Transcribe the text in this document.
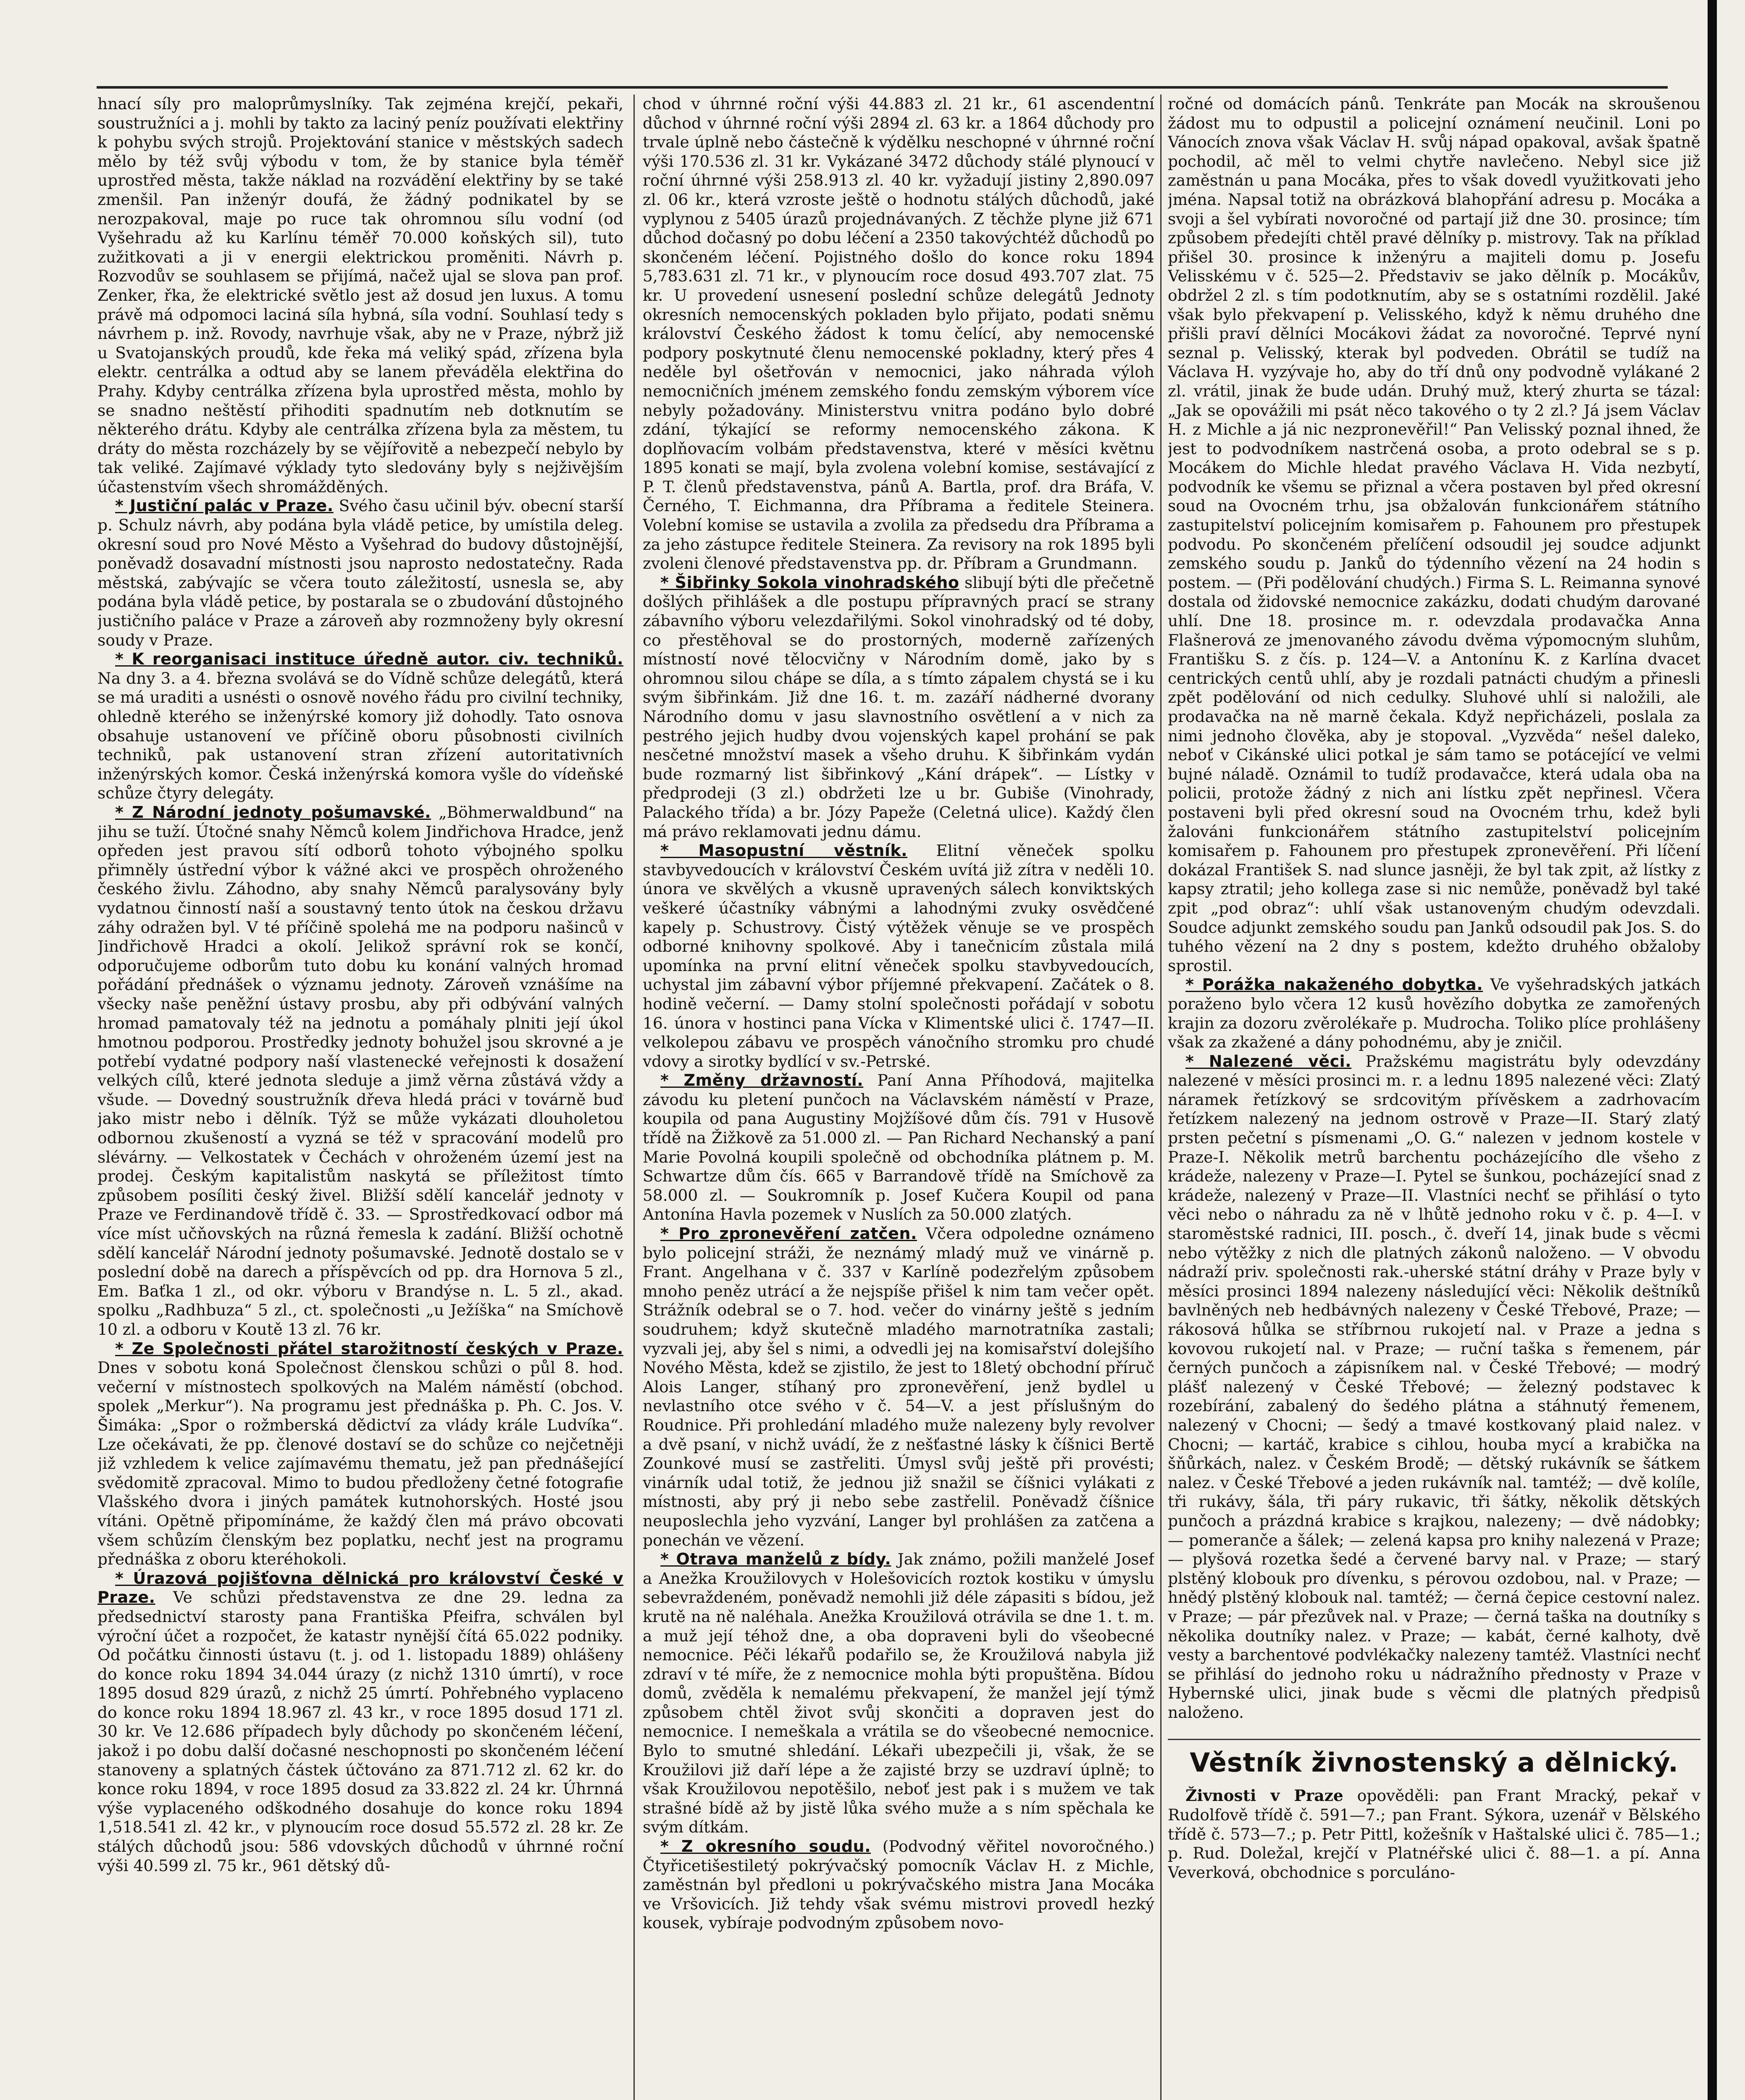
hnací síly pro maloprůmyslníky. Tak zejména krejčí, pekaři, soustružníci a j. mohli by takto za laciný peníz používati elektřiny k pohybu svých strojů. Projektování stanice v městských sadech mělo by též svůj výbodu v tom, že by stanice byla téměř uprostřed města, takže náklad na rozvádění elektřiny by se také zmenšil. Pan inženýr doufá, že žádný podnikatel by se nerozpakoval, maje po ruce tak ohromnou sílu vodní (od Vyšehradu až ku Karlínu téměř 70.000 koňských sil), tuto zužitkovati a ji v energii elektrickou proměniti. Návrh p. Rozvodův se souhlasem se přijímá, načež ujal se slova pan prof. Zenker, řka, že elektrické světlo jest až dosud jen luxus. A tomu právě má odpomoci laciná síla hybná, síla vodní. Souhlasí tedy s návrhem p. inž. Rovody, navrhuje však, aby ne v Praze, nýbrž již u Svatojanských proudů, kde řeka má veliký spád, zřízena byla elektr. centrálka a odtud aby se lanem převáděla elektřina do Prahy. Kdyby centrálka zřízena byla uprostřed města, mohlo by se snadno neštěstí přihoditi spadnutím neb dotknutím se některého drátu. Kdyby ale centrálka zřízena byla za městem, tu dráty do města rozcházely by se vějířovitě a nebezpečí nebylo by tak veliké. Zajímavé výklady tyto sledovány byly s nejživějším účastenstvím všech shromážděných.

* Justiční palác v Praze. Svého času učinil býv. obecní starší p. Schulz návrh, aby podána byla vládě petice, by umístila deleg. okresní soud pro Nové Město a Vyšehrad do budovy důstojnější, poněvadž dosavadní místnosti jsou naprosto nedostatečny. Rada městská, zabývajíc se včera touto záležitostí, usnesla se, aby podána byla vládě petice, by postarala se o zbudování důstojného justičního paláce v Praze a zároveň aby rozmnoženy byly okresní soudy v Praze.

* K reorganisaci instituce úředně autor. civ. techniků. Na dny 3. a 4. března svolává se do Vídně schůze delegátů, která se má uraditi a usnésti o osnově nového řádu pro civilní techniky, ohledně kterého se inženýrské komory již dohodly. Tato osnova obsahuje ustanovení ve příčině oboru působnosti civilních techniků, pak ustanovení stran zřízení autoritativních inženýrských komor. Česká inženýrská komora vyšle do vídeňské schůze čtyry delegáty.

* Z Národní jednoty pošumavské. „Böhmerwaldbund“ na jihu se tuží. Útočné snahy Němců kolem Jindřichova Hradce, jenž opředen jest pravou sítí odborů tohoto výbojného spolku přimněly ústřední výbor k vážné akci ve prospěch ohroženého českého živlu. Záhodno, aby snahy Němců paralysovány byly vydatnou činností naší a soustavný tento útok na českou državu záhy odražen byl. V té příčině spolehá me na podporu našinců v Jindřichově Hradci a okolí. Jelikož správní rok se končí, odporučujeme odborům tuto dobu ku konání valných hromad pořádání přednášek o významu jednoty. Zároveň vznášíme na všecky naše peněžní ústavy prosbu, aby při odbývání valných hromad pamatovaly též na jednotu a pomáhaly plniti její úkol hmotnou podporou. Prostředky jednoty bohužel jsou skrovné a je potřebí vydatné podpory naší vlastenecké veřejnosti k dosažení velkých cílů, které jednota sleduje a jimž věrna zůstává vždy a všude. — Dovedný soustružník dřeva hledá práci v továrně buď jako mistr nebo i dělník. Týž se může vykázati dlouholetou odbornou zkušeností a vyzná se též v spracování modelů pro slévárny. — Velkostatek v Čechách v ohroženém území jest na prodej. Českým kapitalistům naskytá se příležitost tímto způsobem posíliti český živel. Bližší sdělí kancelář jednoty v Praze ve Ferdinandově třídě č. 33. — Sprostředkovací odbor má více míst učňovských na různá řemesla k zadání. Bližší ochotně sdělí kancelář Národní jednoty pošumavské. Jednotě dostalo se v poslední době na darech a příspěvcích od pp. dra Hornova 5 zl., Em. Baťka 1 zl., od okr. výboru v Brandýse n. L. 5 zl., akad. spolku „Radhbuza“ 5 zl., ct. společnosti „u Ježíška“ na Smíchově 10 zl. a odboru v Koutě 13 zl. 76 kr.

* Ze Společnosti přátel starožitností českých v Praze. Dnes v sobotu koná Společnost členskou schůzi o půl 8. hod. večerní v místnostech spolkových na Malém náměstí (obchod. spolek „Merkur“). Na programu jest přednáška p. Ph. C. Jos. V. Šimáka: „Spor o rožmberská dědictví za vlády krále Ludvíka“. Lze očekávati, že pp. členové dostaví se do schůze co nejčetněji již vzhledem k velice zajímavému thematu, jež pan přednášející svědomitě zpracoval. Mimo to budou předloženy četné fotografie Vlašského dvora i jiných památek kutnohorských. Hosté jsou vítáni. Opětně připomínáme, že každý člen má právo obcovati všem schůzím členským bez poplatku, nechť jest na programu přednáška z oboru kteréhokoli.

* Úrazová pojišťovna dělnická pro království České v Praze. Ve schůzi představenstva ze dne 29. ledna za předsednictví starosty pana Františka Pfeifra, schválen byl výroční účet a rozpočet, že katastr nynější čítá 65.022 podniky. Od počátku činnosti ústavu (t. j. od 1. listopadu 1889) ohlášeny do konce roku 1894 34.044 úrazy (z nichž 1310 úmrtí), v roce 1895 dosud 829 úrazů, z nichž 25 úmrtí. Pohřebného vyplaceno do konce roku 1894 18.967 zl. 43 kr., v roce 1895 dosud 171 zl. 30 kr. Ve 12.686 případech byly důchody po skončeném léčení, jakož i po dobu další dočasné neschopnosti po skončeném léčení stanoveny a splatných částek účtováno za 871.712 zl. 62 kr. do konce roku 1894, v roce 1895 dosud za 33.822 zl. 24 kr. Úhrnná výše vyplaceného odškodného dosahuje do konce roku 1894 1,518.541 zl. 42 kr., v plynoucím roce dosud 55.572 zl. 28 kr. Ze stálých důchodů jsou: 586 vdovských důchodů v úhrnné roční výši 40.599 zl. 75 kr., 961 dětský dů-

chod v úhrnné roční výši 44.883 zl. 21 kr., 61 ascendentní důchod v úhrnné roční výši 2894 zl. 63 kr. a 1864 důchody pro trvale úplně nebo částečně k výdělku neschopné v úhrnné roční výši 170.536 zl. 31 kr. Vykázané 3472 důchody stálé plynoucí v roční úhrnné výši 258.913 zl. 40 kr. vyžadují jistiny 2,890.097 zl. 06 kr., která vzroste ještě o hodnotu stálých důchodů, jaké vyplynou z 5405 úrazů projednávaných. Z těchže plyne již 671 důchod dočasný po dobu léčení a 2350 takovýchtéž důchodů po skončeném léčení. Pojistného došlo do konce roku 1894 5,783.631 zl. 71 kr., v plynoucím roce dosud 493.707 zlat. 75 kr. U provedení usnesení poslední schůze delegátů Jednoty okresních nemocenských pokladen bylo přijato, podati sněmu království Českého žádost k tomu čelící, aby nemocenské podpory poskytnuté členu nemocenské pokladny, který přes 4 neděle byl ošetřován v nemocnici, jako náhrada výloh nemocničních jménem zemského fondu zemským výborem více nebyly požadovány. Ministerstvu vnitra podáno bylo dobré zdání, týkající se reformy nemocenského zákona. K doplňovacím volbám představenstva, které v měsíci květnu 1895 konati se mají, byla zvolena volební komise, sestávající z P. T. členů představenstva, pánů A. Bartla, prof. dra Bráfa, V. Černého, T. Eichmanna, dra Příbrama a ředitele Steinera. Volební komise se ustavila a zvolila za předsedu dra Příbrama a za jeho zástupce ředitele Steinera. Za revisory na rok 1895 byli zvoleni členové představenstva pp. dr. Příbram a Grundmann.

* Šibřinky Sokola vinohradského slibují býti dle přečetně došlých přihlášek a dle postupu přípravných prací se strany zábavního výboru velezdařilými. Sokol vinohradský od té doby, co přestěhoval se do prostorných, moderně zařízených místností nové tělocvičny v Národním domě, jako by s ohromnou silou chápe se díla, a s tímto zápalem chystá se i ku svým šibřinkám. Již dne 16. t. m. zazáří nádherné dvorany Národního domu v jasu slavnostního osvětlení a v nich za pestrého jejich hudby dvou vojenských kapel prohání se pak nesčetné množství masek a všeho druhu. K šibřinkám vydán bude rozmarný list šibřinkový „Kání drápek“. — Lístky v předprodeji (3 zl.) obdržeti lze u br. Gubiše (Vinohrady, Palackého třída) a br. Józy Papeže (Celetná ulice). Každý člen má právo reklamovati jednu dámu.

* Masopustní věstník. Elitní věneček spolku stavbyvedoucích v království Českém uvítá již zítra v neděli 10. února ve skvělých a vkusně upravených sálech konviktských veškeré účastníky vábnými a lahodnými zvuky osvědčené kapely p. Schustrovy. Čistý výtěžek věnuje se ve prospěch odborné knihovny spolkové. Aby i tanečnicím zůstala milá upomínka na první elitní věneček spolku stavbyvedoucích, uchystal jim zábavní výbor příjemné překvapení. Začátek o 8. hodině večerní. — Damy stolní společnosti pořádají v sobotu 16. února v hostinci pana Vícka v Klimentské ulici č. 1747—II. velkolepou zábavu ve prospěch vánočního stromku pro chudé vdovy a sirotky bydlící v sv.-Petrské.

* Změny državností. Paní Anna Příhodová, majitelka závodu ku pletení punčoch na Václavském náměstí v Praze, koupila od pana Augustiny Mojžíšové dům čís. 791 v Husově třídě na Žižkově za 51.000 zl. — Pan Richard Nechanský a paní Marie Povolná koupili společně od obchodníka plátnem p. M. Schwartze dům čís. 665 v Barrandově třídě na Smíchově za 58.000 zl. — Soukromník p. Josef Kučera Koupil od pana Antonína Havla pozemek v Nuslích za 50.000 zlatých.

* Pro zpronevěření zatčen. Včera odpoledne oznámeno bylo policejní stráži, že neznámý mladý muž ve vinárně p. Frant. Angelhana v č. 337 v Karlíně podezřelým způsobem mnoho peněz utrácí a že nejspíše přišel k nim tam večer opět. Strážník odebral se o 7. hod. večer do vinárny ještě s jedním soudruhem; když skutečně mladého marnotratníka zastali; vyzvali jej, aby šel s nimi, a odvedli jej na komisařství dolejšího Nového Města, kdež se zjistilo, že jest to 18letý obchodní příruč Alois Langer, stíhaný pro zpronevěření, jenž bydlel u nevlastního otce svého v č. 54—V. a jest příslušným do Roudnice. Při prohledání mladého muže nalezeny byly revolver a dvě psaní, v nichž uvádí, že z nešťastné lásky k číšnici Bertě Zounkové musí se zastřeliti. Úmysl svůj ještě při provésti; vinárník udal totiž, že jednou již snažil se číšnici vylákati z místnosti, aby prý ji nebo sebe zastřelil. Poněvadž číšnice neuposlechla jeho vyzvání, Langer byl prohlášen za zatčena a ponechán ve vězení.

* Otrava manželů z bídy. Jak známo, požili manželé Josef a Anežka Kroužilovych v Holešovicích roztok kostiku v úmyslu sebevraždeném, poněvadž nemohli již déle zápasiti s bídou, jež krutě na ně naléhala. Anežka Kroužilová otrávila se dne 1. t. m. a muž její téhož dne, a oba dopraveni byli do všeobecné nemocnice. Péči lékařů podařilo se, že Kroužilová nabyla již zdraví v té míře, že z nemocnice mohla býti propuštěna. Bídou domů, zvěděla k nemalému překvapení, že manžel její týmž způsobem chtěl život svůj skončiti a dopraven jest do nemocnice. I nemeškala a vrátila se do všeobecné nemocnice. Bylo to smutné shledání. Lékaři ubezpečili ji, však, že se Kroužilovi již daří lépe a že zajisté brzy se uzdraví úplně; to však Kroužilovou nepotěšilo, neboť jest pak i s mužem ve tak strašné bídě až by jistě lůka svého muže a s ním spěchala ke svým dítkám.

* Z okresního soudu. (Podvodný věřitel novoročného.) Čtyřicetišestiletý pokrývačský pomocník Václav H. z Michle, zaměstnán byl předloni u pokrývačského mistra Jana Mocáka ve Vršovicích. Již tehdy však svému mistrovi provedl hezký kousek, vybíraje podvodným způsobem novo-

ročné od domácích pánů. Tenkráte pan Mocák na skroušenou žádost mu to odpustil a policejní oznámení neučinil. Loni po Vánocích znova však Václav H. svůj nápad opakoval, avšak špatně pochodil, ač měl to velmi chytře navlečeno. Nebyl sice již zaměstnán u pana Mocáka, přes to však dovedl využitkovati jeho jména. Napsal totiž na obrázková blahopřání adresu p. Mocáka a svoji a šel vybírati novoročné od partají již dne 30. prosince; tím způsobem předejíti chtěl pravé dělníky p. mistrovy. Tak na příklad přišel 30. prosince k inženýru a majiteli domu p. Josefu Velisskému v č. 525—2. Představiv se jako dělník p. Mocákův, obdržel 2 zl. s tím podotknutím, aby se s ostatními rozdělil. Jaké však bylo překvapení p. Velisského, když k němu druhého dne přišli praví dělníci Mocákovi žádat za novoročné. Teprvé nyní seznal p. Velisský, kterak byl podveden. Obrátil se tudíž na Václava H. vyzývaje ho, aby do tří dnů ony podvodně vylákané 2 zl. vrátil, jinak že bude udán. Druhý muž, který zhurta se tázal: „Jak se opovážili mi psát něco takového o ty 2 zl.? Já jsem Václav H. z Michle a já nic nezpronevěřil!“ Pan Velisský poznal ihned, že jest to podvodníkem nastrčená osoba, a proto odebral se s p. Mocákem do Michle hledat pravého Václava H. Vida nezbytí, podvodník ke všemu se přiznal a včera postaven byl před okresní soud na Ovocném trhu, jsa obžalován funkcionářem státního zastupitelství policejním komisařem p. Fahounem pro přestupek podvodu. Po skončeném přelíčení odsoudil jej soudce adjunkt zemského soudu p. Janků do týdenního vězení na 24 hodin s postem. — (Při podělování chudých.) Firma S. L. Reimanna synové dostala od židovské nemocnice zakázku, dodati chudým darované uhlí. Dne 18. prosince m. r. odevzdala prodavačka Anna Flašnerová ze jmenovaného závodu dvěma výpomocným sluhům, Františku S. z čís. p. 124—V. a Antonínu K. z Karlína dvacet centrických centů uhlí, aby je rozdali patnácti chudým a přinesli zpět podělování od nich cedulky. Sluhové uhlí si naložili, ale prodavačka na ně marně čekala. Když nepřicházeli, poslala za nimi jednoho člověka, aby je stopoval. „Vyzvěda“ nešel daleko, neboť v Cikánské ulici potkal je sám tamo se potácející ve velmi bujné náladě. Oznámil to tudíž prodavačce, která udala oba na policii, protože žádný z nich ani lístku zpět nepřinesl. Včera postaveni byli před okresní soud na Ovocném trhu, kdež byli žalováni funkcionářem státního zastupitelství policejním komisařem p. Fahounem pro přestupek zpronevěření. Při líčení dokázal František S. nad slunce jasněji, že byl tak zpit, až lístky z kapsy ztratil; jeho kollega zase si nic nemůže, poněvadž byl také zpit „pod obraz“: uhlí však ustanoveným chudým odevzdali. Soudce adjunkt zemského soudu pan Janků odsoudil pak Jos. S. do tuhého vězení na 2 dny s postem, kdežto druhého obžaloby sprostil.

* Porážka nakaženého dobytka. Ve vyšehradských jatkách poraženo bylo včera 12 kusů hovězího dobytka ze zamořených krajin za dozoru zvěrolékaře p. Mudrocha. Toliko plíce prohlášeny však za zkažené a dány pohodnému, aby je zničil.

* Nalezené věci. Pražskému magistrátu byly odevzdány nalezené v měsíci prosinci m. r. a lednu 1895 nalezené věci: Zlatý náramek řetízkový se srdcovitým přívěskem a zadrhovacím řetízkem nalezený na jednom ostrově v Praze—II. Starý zlatý prsten pečetní s písmenami „O. G.“ nalezen v jednom kostele v Praze-I. Několik metrů barchentu pocházejícího dle všeho z krádeže, nalezeny v Praze—I. Pytel se šunkou, pocházející snad z krádeže, nalezený v Praze—II. Vlastníci nechť se přihlásí o tyto věci nebo o náhradu za ně v lhůtě jednoho roku v č. p. 4—I. v staroměstské radnici, III. posch., č. dveří 14, jinak bude s věcmi nebo výtěžky z nich dle platných zákonů naloženo. — V obvodu nádraží priv. společnosti rak.-uherské státní dráhy v Praze byly v měsíci prosinci 1894 nalezeny následující věci: Několik deštníků bavlněných neb hedbávných nalezeny v České Třebové, Praze; — rákosová hůlka se stříbrnou rukojetí nal. v Praze a jedna s kovovou rukojetí nal. v Praze; — ruční taška s řemenem, pár černých punčoch a zápisníkem nal. v České Třebové; — modrý plášť nalezený v České Třebové; — železný podstavec k rozebírání, zabalený do šedého plátna a stáhnutý řemenem, nalezený v Chocni; — šedý a tmavé kostkovaný plaid nalez. v Chocni; — kartáč, krabice s cihlou, houba mycí a krabička na šňůrkách, nalez. v Českém Brodě; — dětský rukávník se šátkem nalez. v České Třebové a jeden rukávník nal. tamtéž; — dvě kolíle, tři rukávy, šála, tři páry rukavic, tři šátky, několik dětských punčoch a prázdná krabice s krajkou, nalezeny; — dvě nádobky; — pomeranče a šálek; — zelená kapsa pro knihy nalezená v Praze; — plyšová rozetka šedé a červené barvy nal. v Praze; — starý plstěný klobouk pro dívenku, s pérovou ozdobou, nal. v Praze; — hnědý plstěný klobouk nal. tamtéž; — černá čepice cestovní nalez. v Praze; — pár přezůvek nal. v Praze; — černá taška na doutníky s několika doutníky nalez. v Praze; — kabát, černé kalhoty, dvě vesty a barchentové podvlékačky nalezeny tamtéž. Vlastníci nechť se přihlásí do jednoho roku u nádražního přednosty v Praze v Hybernské ulici, jinak bude s věcmi dle platných předpisů naloženo.

Věstník živnostenský a dělnický.

Živnosti v Praze opověděli: pan Frant Mracký, pekař v Rudolfově třídě č. 591—7.; pan Frant. Sýkora, uzenář v Bělského třídě č. 573—7.; p. Petr Pittl, kožešník v Haštalské ulici č. 785—1.; p. Rud. Doležal, krejčí v Platnéřské ulici č. 88—1. a pí. Anna Veverková, obchodnice s porculáno-
